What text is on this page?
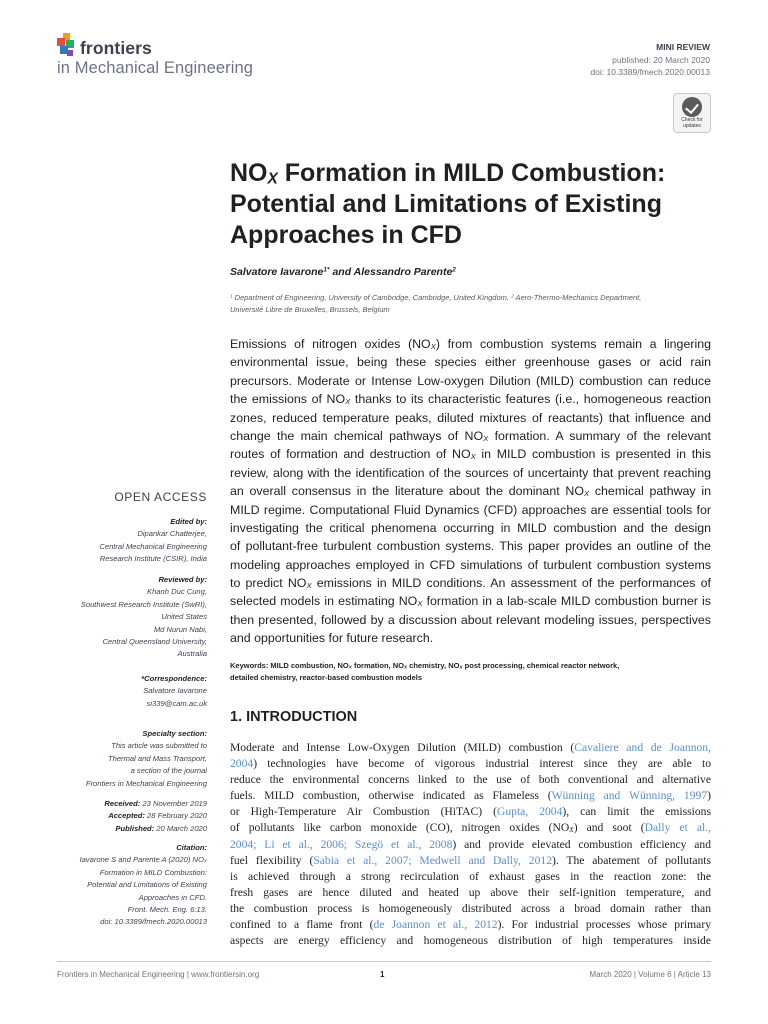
frontiers
in Mechanical Engineering
MINI REVIEW
published: 20 March 2020
doi: 10.3389/fmech.2020.00013
Check for updates
$NO_X$ Formation in MILD Combustion:
Potential and Limitations of Existing
Approaches in CFD
Salvatore Iavarone$^{1*}$ and Alessandro Parente$^2$
$^1$ Department of Engineering, University of Cambridge, Cambridge, United Kingdom, $^2$ Aero-Thermo-Mechanics Department,
Université Libre de Bruxelles, Brussels, Belgium
Emissions of nitrogen oxides $(NO_X)$ from combustion systems remain a lingering
environmental issue, being these species either greenhouse gases or acid rain
precursors. Moderate or Intense Low-oxygen Dilution (MILD) combustion can reduce
the emissions of $NO_X$ thanks to its characteristic features (i.e., homogeneous reaction
zones, reduced temperature peaks, diluted mixtures of reactants) that influence and
change the main chemical pathways of $NO_X$ formation. A summary of the relevant
routes of formation and destruction of $NO_X$ in MILD combustion is presented in this
review, along with the identification of the sources of uncertainty that prevent reaching
an overall consensus in the literature about the dominant $NO_X$ chemical pathway in
MILD regime. Computational Fluid Dynamics (CFD) approaches are essential tools for
investigating the critical phenomena occurring in MILD combustion and the design
of pollutant-free turbulent combustion systems. This paper provides an outline of the
modeling approaches employed in CFD simulations of turbulent combustion systems
to predict $NO_X$ emissions in MILD conditions. An assessment of the performances of
selected models in estimating $NO_X$ formation in a lab-scale MILD combustion burner is
then presented, followed by a discussion about relevant modeling issues, perspectives
and opportunities for future research.
Keywords: MILD combustion, $NO_X$ formation, $NO_X$ chemistry, $NO_X$ post processing, chemical reactor network,
detailed chemistry, reactor-based combustion models
1. INTRODUCTION
Moderate and Intense Low-Oxygen Dilution (MILD) combustion (Cavaliere and de Joannon,
2004) technologies have become of vigorous industrial interest since they are able to
reduce the environmental concerns linked to the use of both conventional and alternative
fuels. MILD combustion, otherwise indicated as Flameless (Wünning and Wünning, 1997)
or High-Temperature Air Combustion (HiTAC) (Gupta, 2004), can limit the emissions
of pollutants like carbon monoxide (CO), nitrogen oxides $(NO_X)$ and soot (Dally et al.,
2004; Li et al., 2006; Szegö et al., 2008) and provide elevated combustion efficiency and
fuel flexibility (Sabia et al., 2007; Medwell and Dally, 2012). The abatement of pollutants
is achieved through a strong recirculation of exhaust gases in the reaction zone: the
fresh gases are hence diluted and heated up above their self-ignition temperature, and
the combustion process is homogeneously distributed across a broad domain rather than
confined to a flame front (de Joannon et al., 2012). For industrial processes whose primary
aspects are energy efficiency and homogeneous distribution of high temperatures inside
OPEN ACCESS
Edited by:
Dipankar Chatterjee,
Central Mechanical Engineering
Research Institute (CSIR), India
Reviewed by:
Khanh Duc Cung,
Southwest Research Institute (SwRI),
United States
Md Nurun Nabi,
Central Queensland University,
Australia
*Correspondence:
Salvatore Iavarone
si339@cam.ac.uk
Specialty section:
This article was submitted to
Thermal and Mass Transport,
a section of the journal
Frontiers in Mechanical Engineering
Received: 23 November 2019
Accepted: 28 February 2020
Published: 20 March 2020
Citation:
Iavarone S and Parente A (2020) $NO_X$
Formation in MILD Combustion:
Potential and Limitations of Existing
Approaches in CFD.
Front. Mech. Eng. 6:13.
doi: 10.3389/fmech.2020.00013
Frontiers in Mechanical Engineering | www.frontiersin.org	1	March 2020 | Volume 6 | Article 13
